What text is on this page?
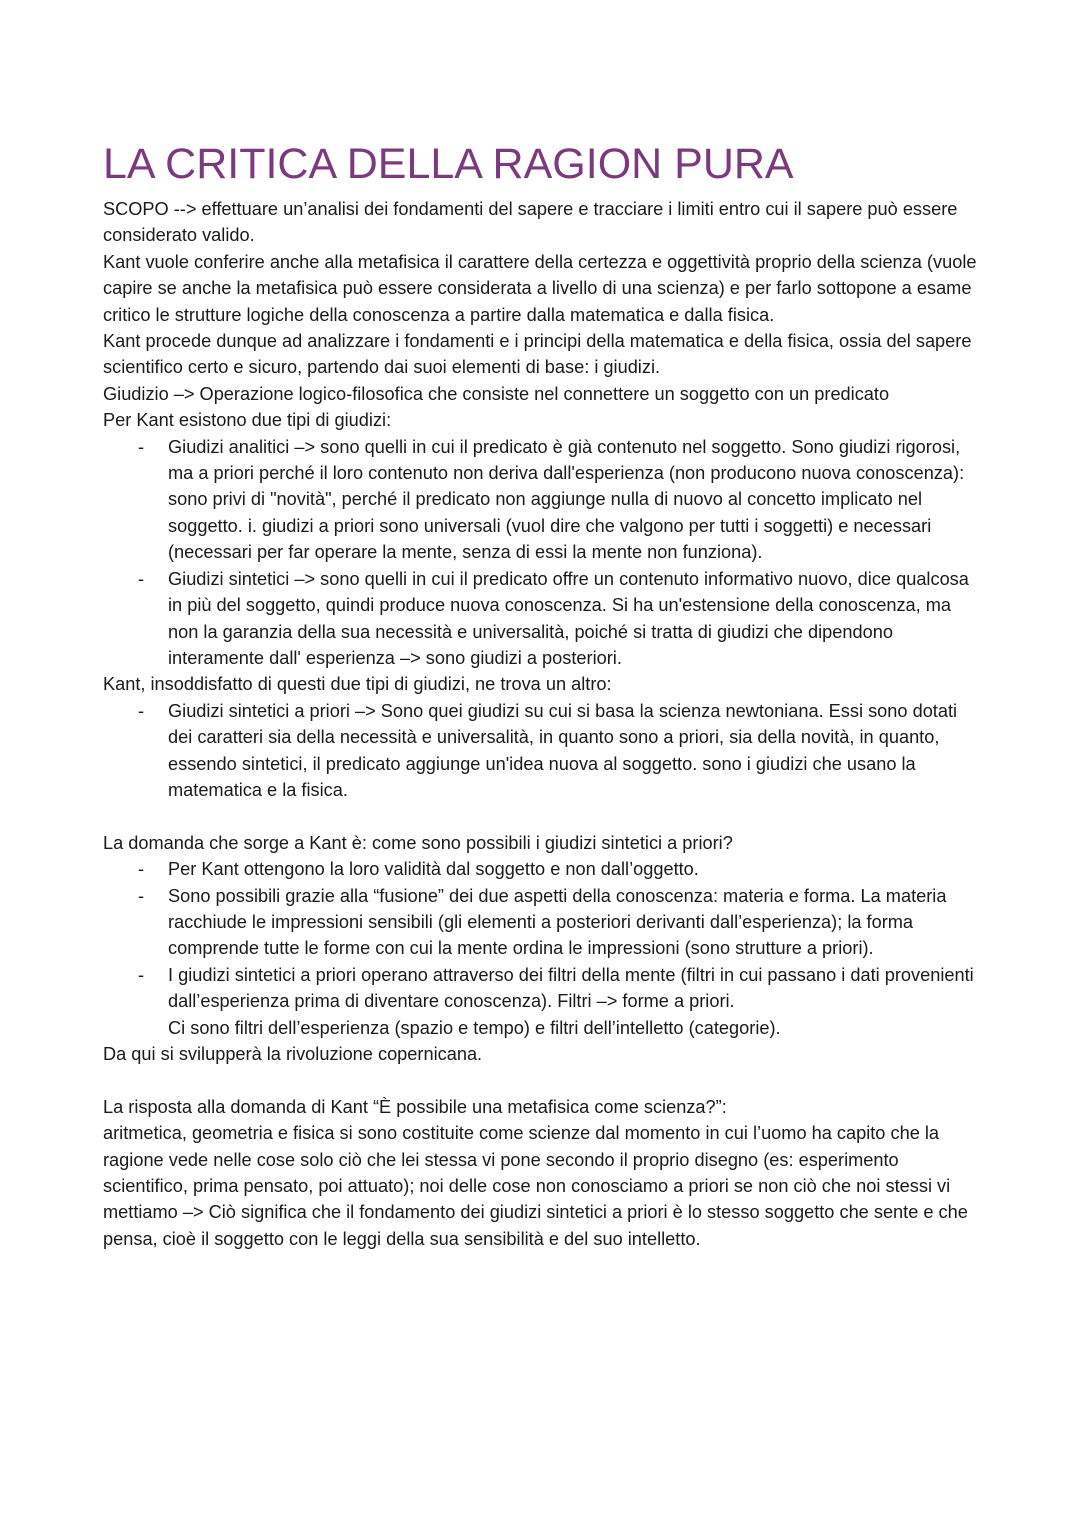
LA CRITICA DELLA RAGION PURA

SCOPO --> effettuare un’analisi dei fondamenti del sapere e tracciare i limiti entro cui il sapere può essere considerato valido.

Kant vuole conferire anche alla metafisica il carattere della certezza e oggettività proprio della scienza (vuole capire se anche la metafisica può essere considerata a livello di una scienza) e per farlo sottopone a esame critico le strutture logiche della conoscenza a partire dalla matematica e dalla fisica.

Kant procede dunque ad analizzare i fondamenti e i principi della matematica e della fisica, ossia del sapere scientifico certo e sicuro, partendo dai suoi elementi di base: i giudizi.

Giudizio –> Operazione logico-filosofica che consiste nel connettere un soggetto con un predicato

Per Kant esistono due tipi di giudizi:

- Giudizi analitici –> sono quelli in cui il predicato è già contenuto nel soggetto. Sono giudizi rigorosi, ma a priori perché il loro contenuto non deriva dall'esperienza (non producono nuova conoscenza): sono privi di "novità", perché il predicato non aggiunge nulla di nuovo al concetto implicato nel soggetto. i. giudizi a priori sono universali (vuol dire che valgono per tutti i soggetti) e necessari (necessari per far operare la mente, senza di essi la mente non funziona).
- Giudizi sintetici –> sono quelli in cui il predicato offre un contenuto informativo nuovo, dice qualcosa in più del soggetto, quindi produce nuova conoscenza. Si ha un'estensione della conoscenza, ma non la garanzia della sua necessità e universalità, poiché si tratta di giudizi che dipendono interamente dall' esperienza –> sono giudizi a posteriori.

Kant, insoddisfatto di questi due tipi di giudizi, ne trova un altro:

- Giudizi sintetici a priori –> Sono quei giudizi su cui si basa la scienza newtoniana. Essi sono dotati dei caratteri sia della necessità e universalità, in quanto sono a priori, sia della novità, in quanto, essendo sintetici, il predicato aggiunge un'idea nuova al soggetto. sono i giudizi che usano la matematica e la fisica.

La domanda che sorge a Kant è: come sono possibili i giudizi sintetici a priori?

- Per Kant ottengono la loro validità dal soggetto e non dall’oggetto.
- Sono possibili grazie alla “fusione” dei due aspetti della conoscenza: materia e forma. La materia racchiude le impressioni sensibili (gli elementi a posteriori derivanti dall’esperienza); la forma comprende tutte le forme con cui la mente ordina le impressioni (sono strutture a priori).
- I giudizi sintetici a priori operano attraverso dei filtri della mente (filtri in cui passano i dati provenienti dall’esperienza prima di diventare conoscenza). Filtri –> forme a priori.
Ci sono filtri dell’esperienza (spazio e tempo) e filtri dell’intelletto (categorie).

Da qui si svilupperà la rivoluzione copernicana.

La risposta alla domanda di Kant “È possibile una metafisica come scienza?”:

aritmetica, geometria e fisica si sono costituite come scienze dal momento in cui l’uomo ha capito che la ragione vede nelle cose solo ciò che lei stessa vi pone secondo il proprio disegno (es: esperimento scientifico, prima pensato, poi attuato); noi delle cose non conosciamo a priori se non ciò che noi stessi vi mettiamo –> Ciò significa che il fondamento dei giudizi sintetici a priori è lo stesso soggetto che sente e che pensa, cioè il soggetto con le leggi della sua sensibilità e del suo intelletto.
